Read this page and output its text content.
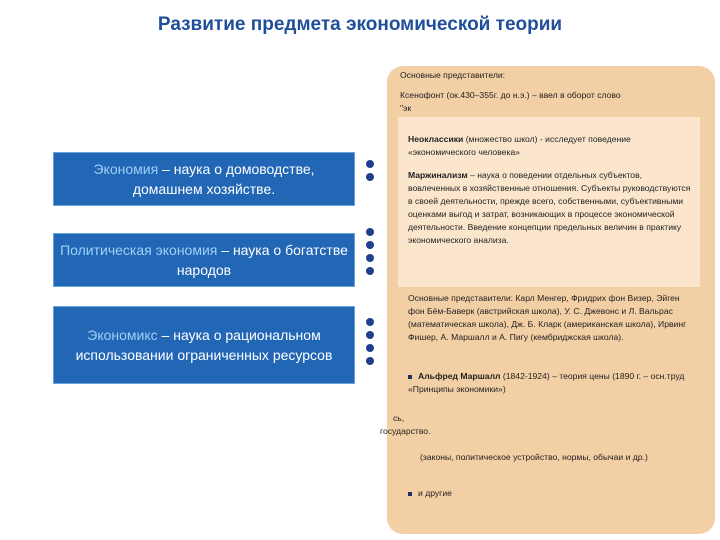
Развитие предмета экономической теории
Экономия – наука о домоводстве, домашнем хозяйстве.
Политическая экономия – наука о богатстве народов
Экономикс – наука о рациональном использовании ограниченных ресурсов
Основные представители:
Ксенофонт (ок.430–355г. до н.э.) – ввел в оборот слово
"эк
Неоклассики (множество школ) - исследует поведение «экономического человека»
Маржинализм – наука о поведении отдельных субъектов, вовлеченных в хозяйственные отношения. Субъекты руководствуются в своей деятельности, прежде всего, собственными, субъективными оценками выгод и затрат, возникающих в процессе экономической деятельности. Введение концепции предельных величин в практику экономического анализа.
Основные представители: Карл Менгер, Фридрих фон Визер, Эйген фон Бём-Баверк (австрийская школа), У. С. Джевонс и Л. Вальрас (математическая школа), Дж. Б. Кларк (американская школа), Ирвинг Фишер, А. Маршалл и А. Пигу (кембриджская школа).
Альфред Маршалл (1842-1924) – теория цены (1890 г. – осн.труд «Принципы экономики»)
сь,
государство.
(законы, политическое устройство, нормы, обычаи и др.)
и другие
